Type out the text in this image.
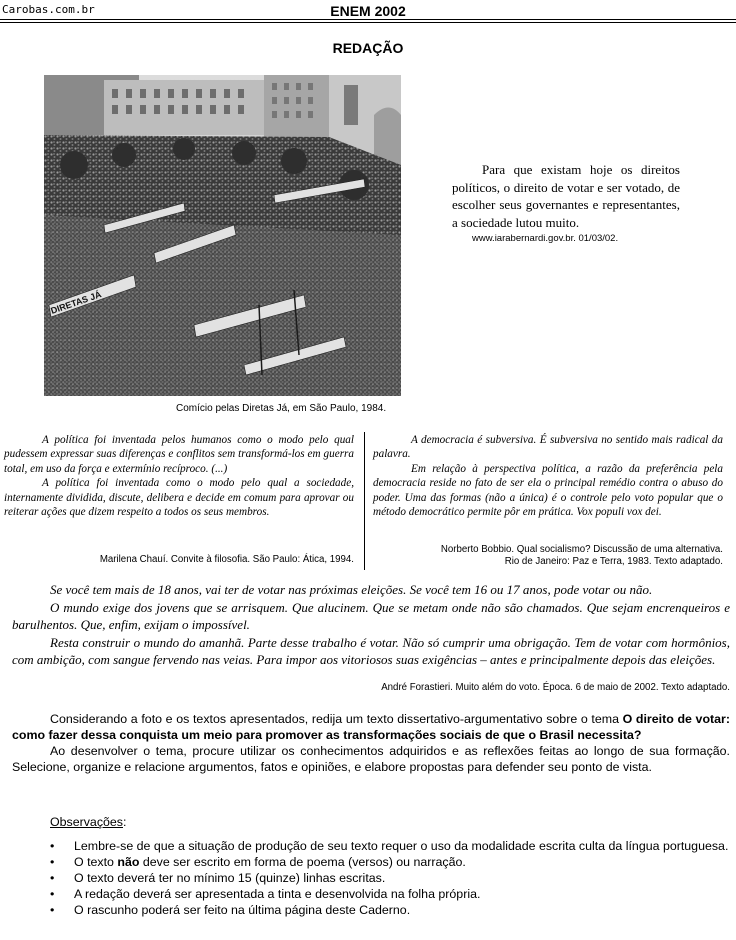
Carobas.com.br	ENEM 2002
REDAÇÃO
DIRETAS JÁ
Comício pelas Diretas Já, em São Paulo, 1984.

Para que existam hoje os direitos políticos, o direito de votar e ser votado, de escolher seus governantes e representantes, a sociedade lutou muito.

www.iarabernardi.gov.br. 01/03/02.

A política foi inventada pelos humanos como o modo pelo qual pudessem expressar suas diferenças e conflitos sem transformá-los em guerra total, em uso da força e extermínio recíproco. (...)

A política foi inventada como o modo pelo qual a sociedade, internamente dividida, discute, delibera e decide em comum para aprovar ou reiterar ações que dizem respeito a todos os seus membros.

Marilena Chauí. Convite à filosofia. São Paulo: Ática, 1994.

A democracia é subversiva. É subversiva no sentido mais radical da palavra.

Em relação à perspectiva política, a razão da preferência pela democracia reside no fato de ser ela o principal remédio contra o abuso do poder. Uma das formas (não a única) é o controle pelo voto popular que o método democrático permite pôr em prática. Vox populi vox dei.

Norberto Bobbio. Qual socialismo? Discussão de uma alternativa.
Rio de Janeiro: Paz e Terra, 1983. Texto adaptado.

Se você tem mais de 18 anos, vai ter de votar nas próximas eleições. Se você tem 16 ou 17 anos, pode votar ou não.

O mundo exige dos jovens que se arrisquem. Que alucinem. Que se metam onde não são chamados. Que sejam encrenqueiros e barulhentos. Que, enfim, exijam o impossível.

Resta construir o mundo do amanhã. Parte desse trabalho é votar. Não só cumprir uma obrigação. Tem de votar com hormônios, com ambição, com sangue fervendo nas veias. Para impor aos vitoriosos suas exigências – antes e principalmente depois das eleições.

André Forastieri. Muito além do voto. Época. 6 de maio de 2002. Texto adaptado.

Considerando a foto e os textos apresentados, redija um texto dissertativo-argumentativo sobre o tema O direito de votar: como fazer dessa conquista um meio para promover as transformações sociais de que o Brasil necessita?

Ao desenvolver o tema, procure utilizar os conhecimentos adquiridos e as reflexões feitas ao longo de sua formação. Selecione, organize e relacione argumentos, fatos e opiniões, e elabore propostas para defender seu ponto de vista.

Observações:
• Lembre-se de que a situação de produção de seu texto requer o uso da modalidade escrita culta da língua portuguesa.
• O texto não deve ser escrito em forma de poema (versos) ou narração.
• O texto deverá ter no mínimo 15 (quinze) linhas escritas.
• A redação deverá ser apresentada a tinta e desenvolvida na folha própria.
• O rascunho poderá ser feito na última página deste Caderno.
